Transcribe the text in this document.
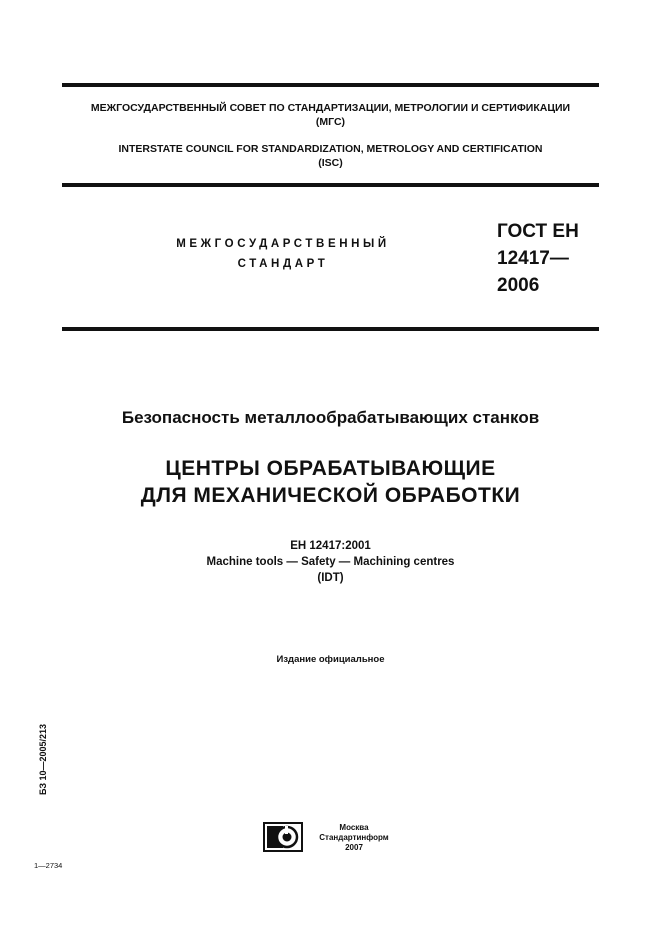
МЕЖГОСУДАРСТВЕННЫЙ СОВЕТ ПО СТАНДАРТИЗАЦИИ, МЕТРОЛОГИИ И СЕРТИФИКАЦИИ
(МГС)
INTERSTATE COUNCIL FOR STANDARDIZATION, METROLOGY AND CERTIFICATION
(ISC)
МЕЖГОСУДАРСТВЕННЫЙ
СТАНДАРТ
ГОСТ ЕН
12417—
2006
Безопасность металлообрабатывающих станков
ЦЕНТРЫ ОБРАБАТЫВАЮЩИЕ
ДЛЯ МЕХАНИЧЕСКОЙ ОБРАБОТКИ
ЕН 12417:2001
Machine tools — Safety — Machining centres
(IDT)
Издание официальное
БЗ 10—2005/213
Москва
Стандартинформ
2007
1—2734
